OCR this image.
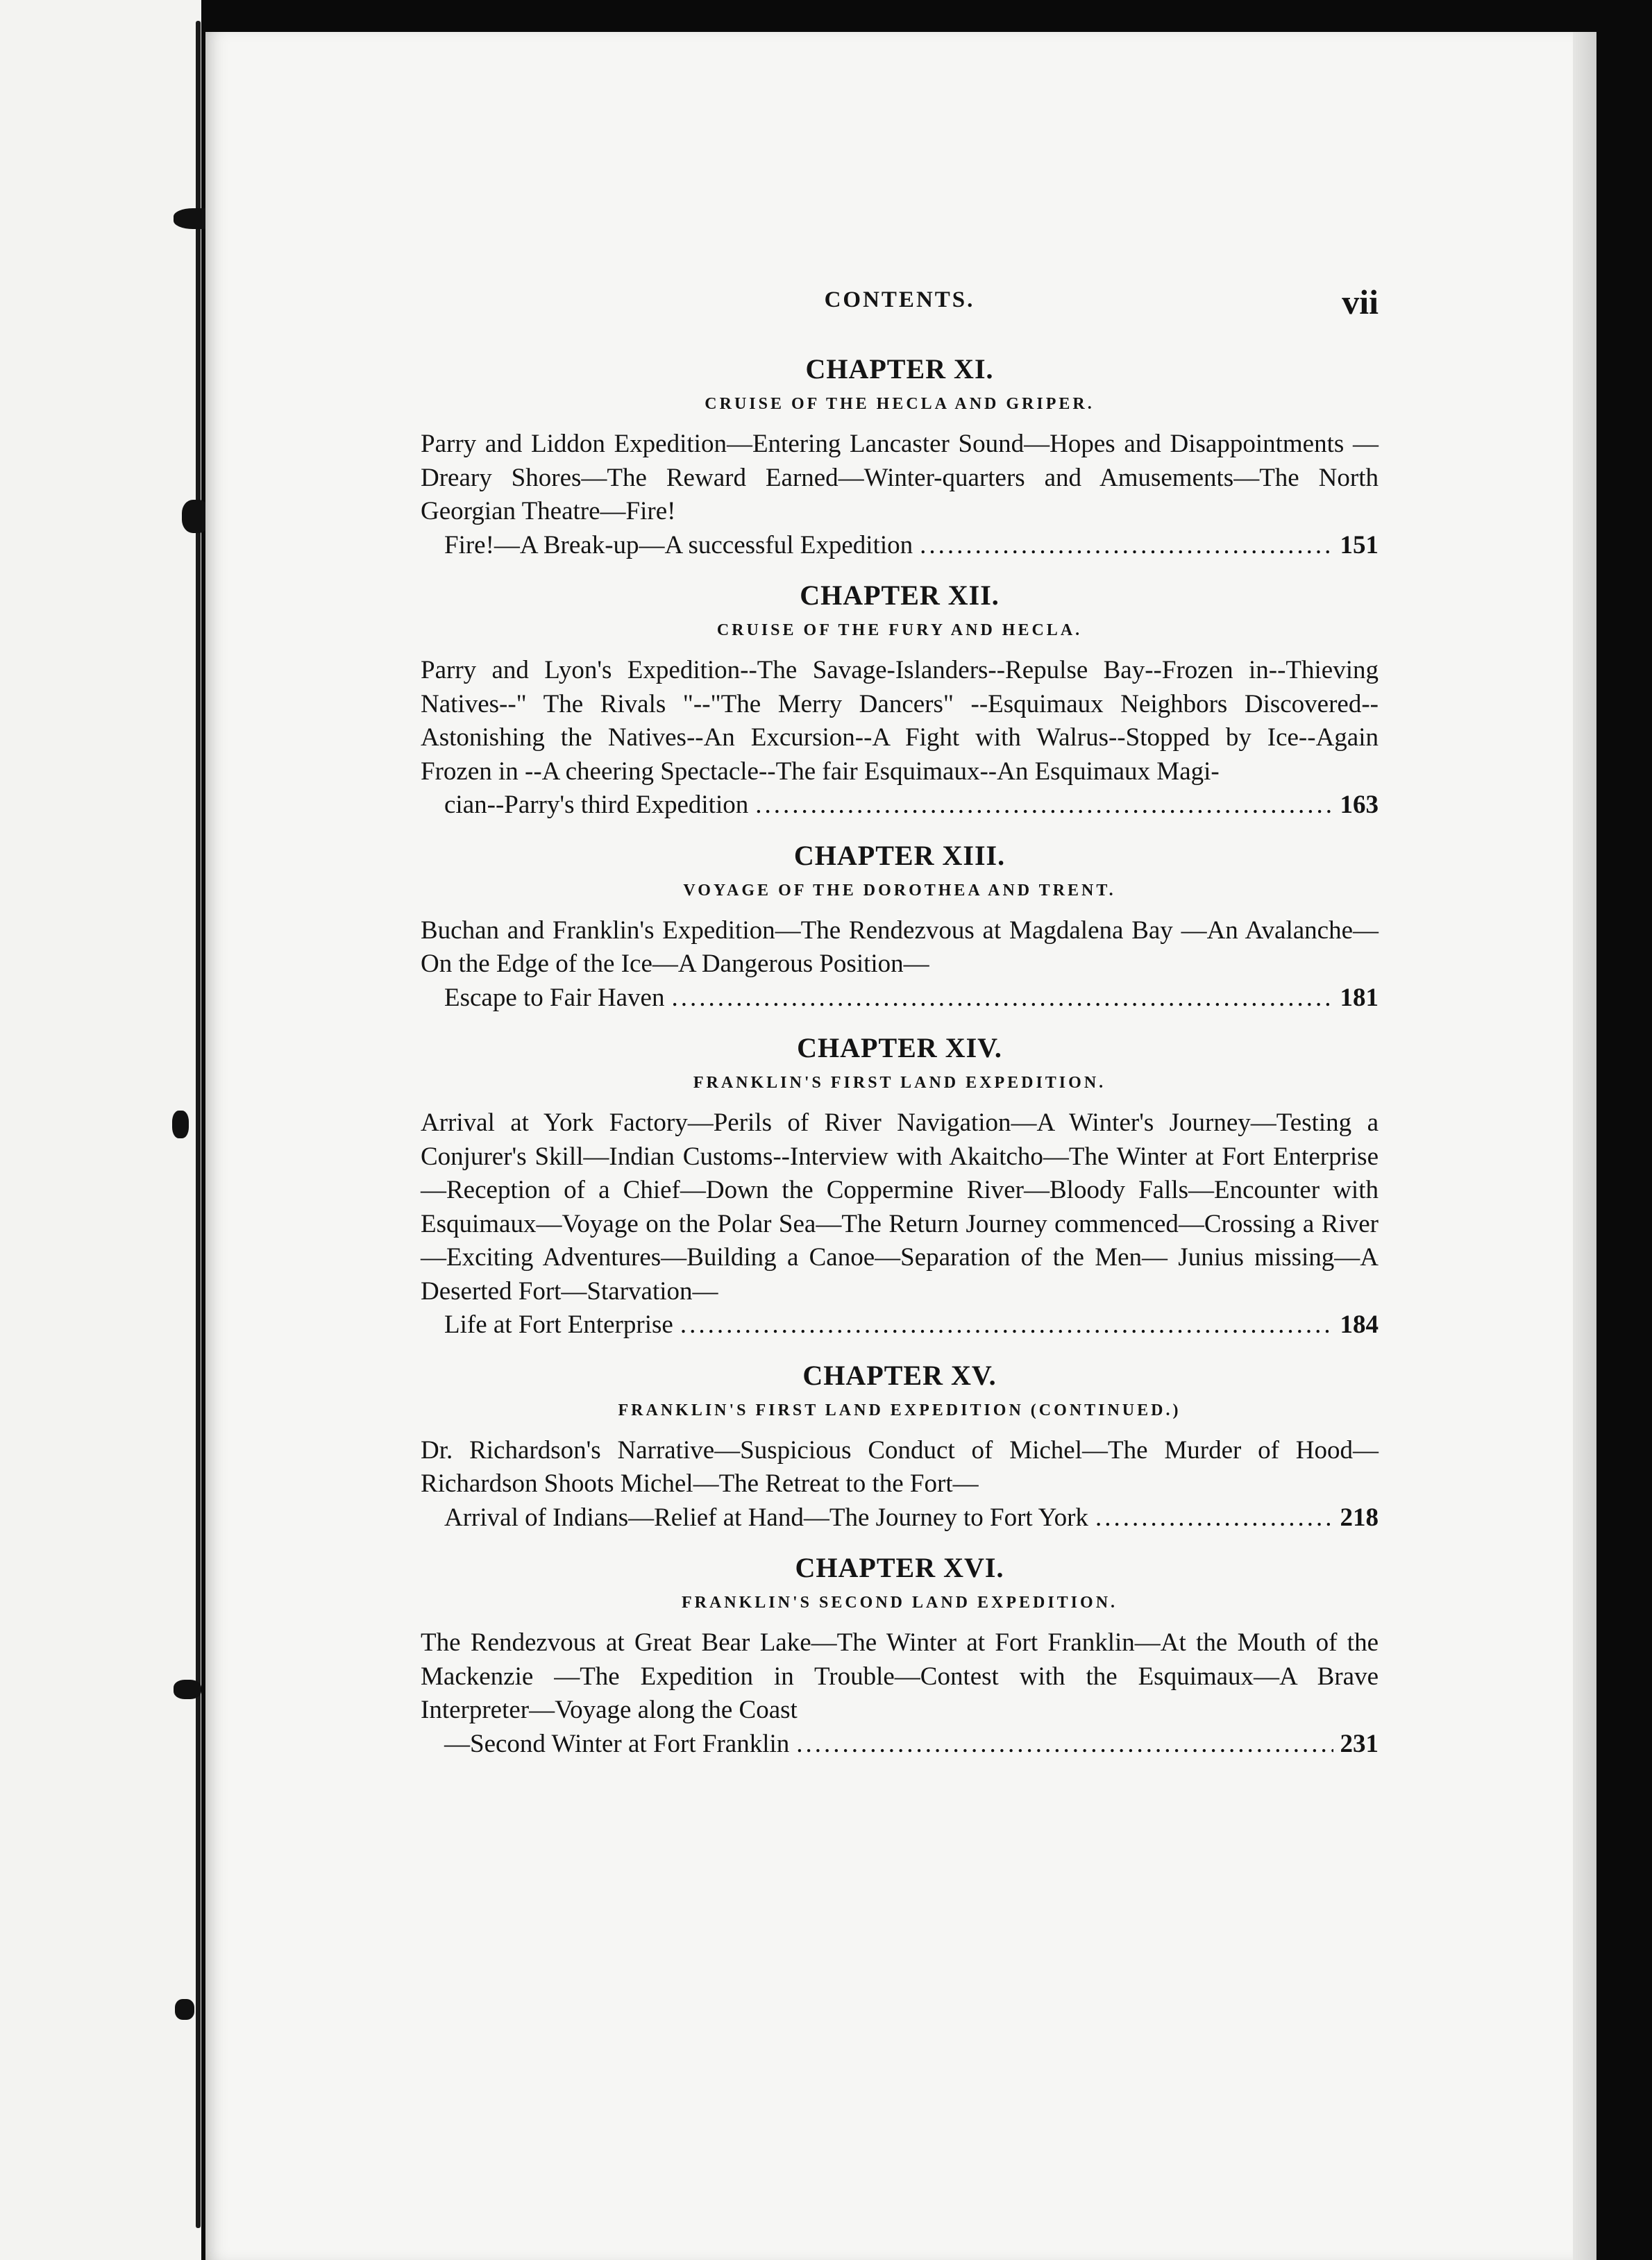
CONTENTS.	vii
CHAPTER XI.
CRUISE OF THE HECLA AND GRIPER.
Parry and Liddon Expedition—Entering Lancaster Sound—Hopes and Disappointments — Dreary Shores—The Reward Earned—Winter-quarters and Amusements—The North Georgian Theatre—Fire!
Fire!—A Break-up—A successful Expedition .....	151
CHAPTER XII.
CRUISE OF THE FURY AND HECLA.
Parry and Lyon's Expedition--The Savage-Islanders--Repulse Bay--Frozen in--Thieving Natives--" The Rivals "--"The Merry Dancers" --Esquimaux Neighbors Discovered--Astonishing the Natives--An Excursion--A Fight with Walrus--Stopped by Ice--Again Frozen in --A cheering Spectacle--The fair Esquimaux--An Esquimaux Magi-
cian--Parry's third Expedition .....	163
CHAPTER XIII.
VOYAGE OF THE DOROTHEA AND TRENT.
Buchan and Franklin's Expedition—The Rendezvous at Magdalena Bay —An Avalanche—On the Edge of the Ice—A Dangerous Position—
Escape to Fair Haven .....	181
CHAPTER XIV.
FRANKLIN'S FIRST LAND EXPEDITION.
Arrival at York Factory—Perils of River Navigation—A Winter's Journey—Testing a Conjurer's Skill—Indian Customs--Interview with Akaitcho—The Winter at Fort Enterprise—Reception of a Chief—Down the Coppermine River—Bloody Falls—Encounter with Esquimaux—Voyage on the Polar Sea—The Return Journey commenced—Crossing a River—Exciting Adventures—Building a Canoe—Separation of the Men— Junius missing—A Deserted Fort—Starvation—
Life at Fort Enterprise .....	184
CHAPTER XV.
FRANKLIN'S FIRST LAND EXPEDITION (CONTINUED.)
Dr. Richardson's Narrative—Suspicious Conduct of Michel—The Murder of Hood—Richardson Shoots Michel—The Retreat to the Fort—
Arrival of Indians—Relief at Hand—The Journey to Fort York .....	218
CHAPTER XVI.
FRANKLIN'S SECOND LAND EXPEDITION.
The Rendezvous at Great Bear Lake—The Winter at Fort Franklin—At the Mouth of the Mackenzie —The Expedition in Trouble—Contest with the Esquimaux—A Brave Interpreter—Voyage along the Coast
—Second Winter at Fort Franklin .....	231
